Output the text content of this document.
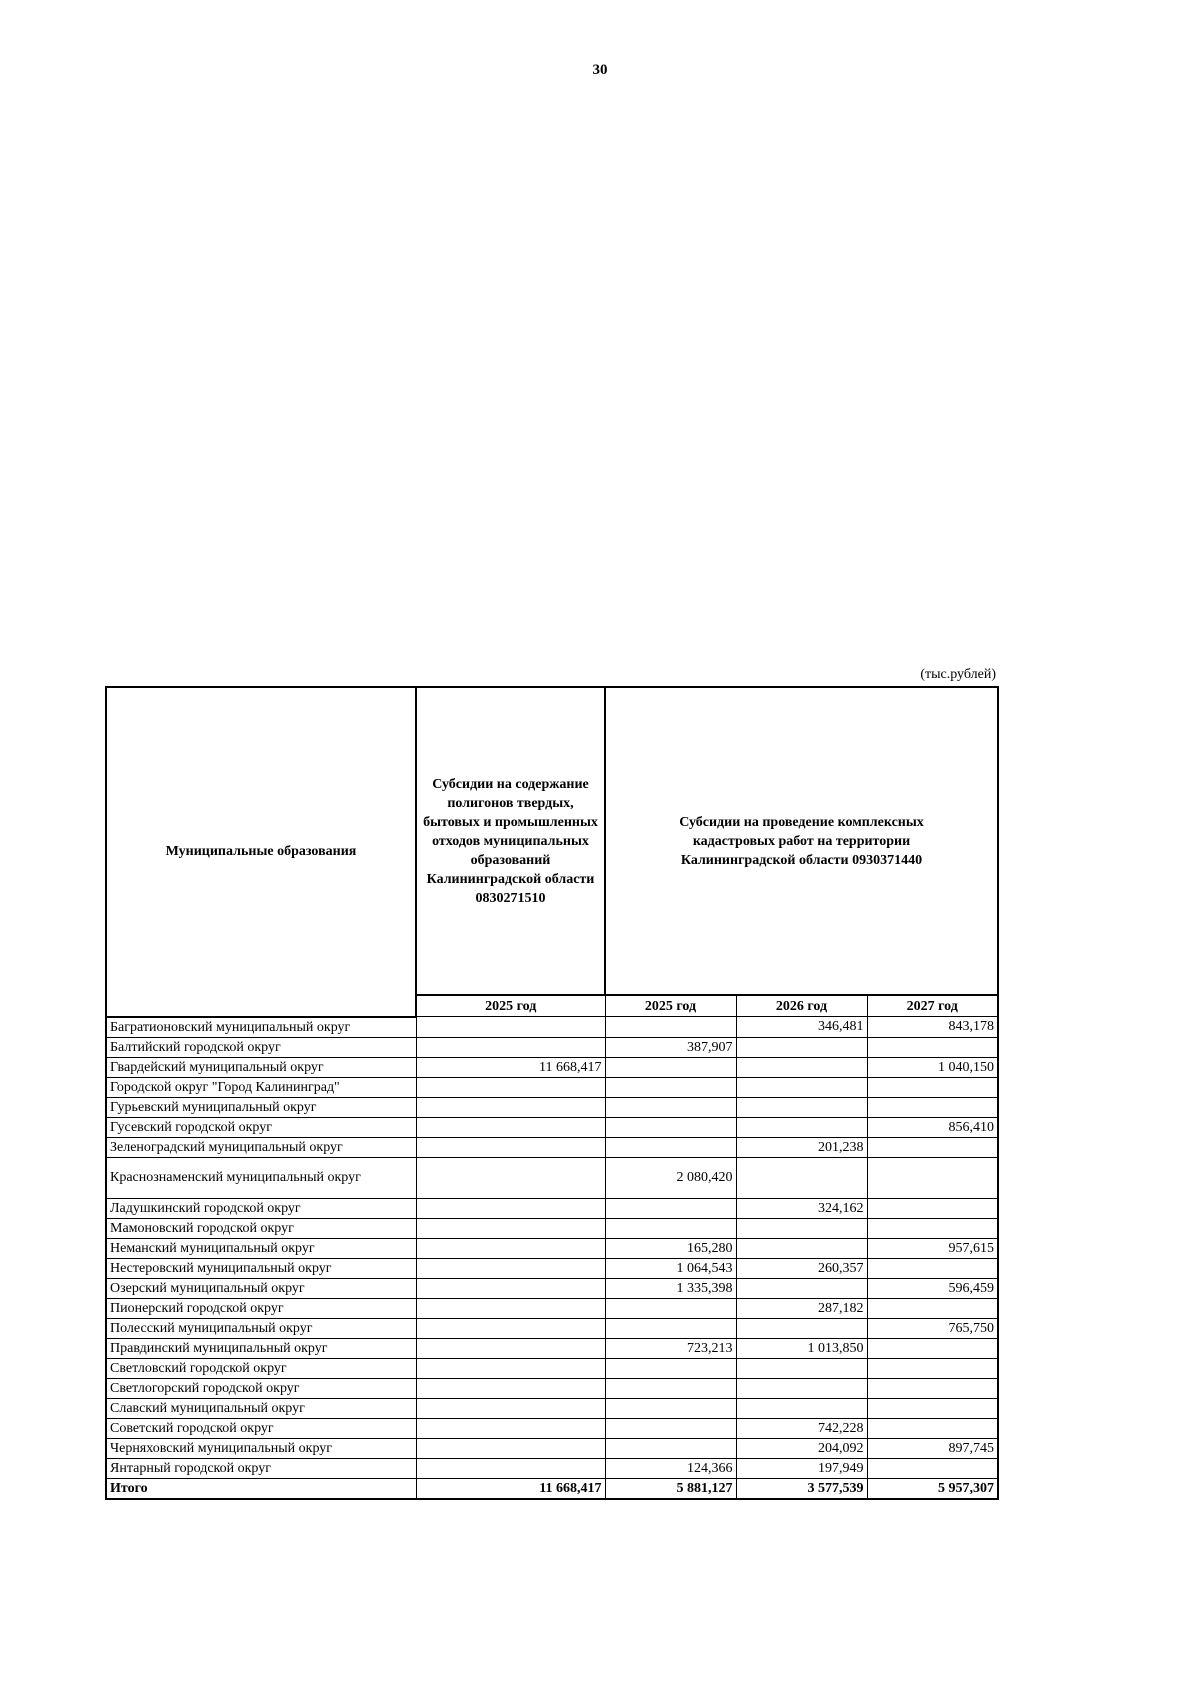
30
(тыс.рублей)
Муниципальные образования	Субсидии на содержание полигонов твердых, бытовых и промышленных отходов муниципальных образований Калининградской области 0830271510	Субсидии на проведение комплексных кадастровых работ на территории Калининградской области 0930371440		
	2025 год	2025 год	2026 год	2027 год
Багратионовский муниципальный округ			346,481	843,178
Балтийский городской округ		387,907		
Гвардейский муниципальный округ	11 668,417			1 040,150
Городской округ "Город Калининград"				
Гурьевский муниципальный округ				
Гусевский городской округ				856,410
Зеленоградский муниципальный округ			201,238	
Краснознаменский муниципальный округ		2 080,420		
Ладушкинский городской округ			324,162	
Мамоновский городской округ				
Неманский муниципальный округ		165,280		957,615
Нестеровский муниципальный округ		1 064,543	260,357	
Озерский муниципальный округ		1 335,398		596,459
Пионерский городской округ			287,182	
Полесский муниципальный округ				765,750
Правдинский муниципальный округ		723,213	1 013,850	
Светловский городской округ				
Светлогорский городской округ				
Славский муниципальный округ				
Советский городской округ			742,228	
Черняховский муниципальный округ			204,092	897,745
Янтарный городской округ		124,366	197,949	
Итого	11 668,417	5 881,127	3 577,539	5 957,307
